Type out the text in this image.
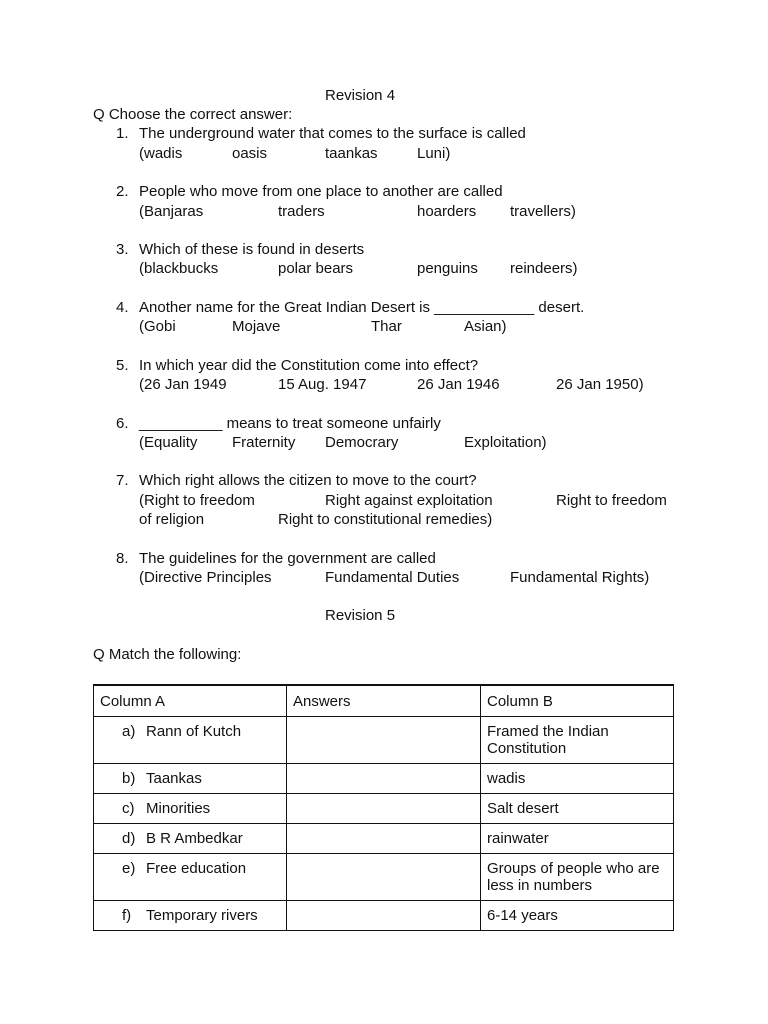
Revision 4
Q Choose the correct answer:
1. The underground water that comes to the surface is called
(wadis	oasis	taankas	Luni)
2. People who move from one place to another are called
(Banjaras	traders	hoarders travellers)
3. Which of these is found in deserts
(blackbucks	polar bears	penguins reindeers)
4. Another name for the Great Indian Desert is ____________ desert.
(Gobi	Mojave	Thar	Asian)
5. In which year did the Constitution come into effect?
(26 Jan 1949	15 Aug. 1947	26 Jan 1946	26 Jan 1950)
6. __________ means to treat someone unfairly
(Equality Fraternity Democrary	Exploitation)
7. Which right allows the citizen to move to the court?
(Right to freedom	Right against exploitation	Right to freedom
of religion	Right to constitutional remedies)
8. The guidelines for the government are called
(Directive Principles	Fundamental Duties	Fundamental Rights)
Revision 5
Q Match the following:
Column A	Answers	Column B
a) Rann of Kutch		Framed the Indian
Constitution

b) Taankas		wadis

c) Minorities		Salt desert

d) B R Ambedkar		rainwater

e) Free education		Groups of people who are
less in numbers

f) Temporary rivers		6-14 years
